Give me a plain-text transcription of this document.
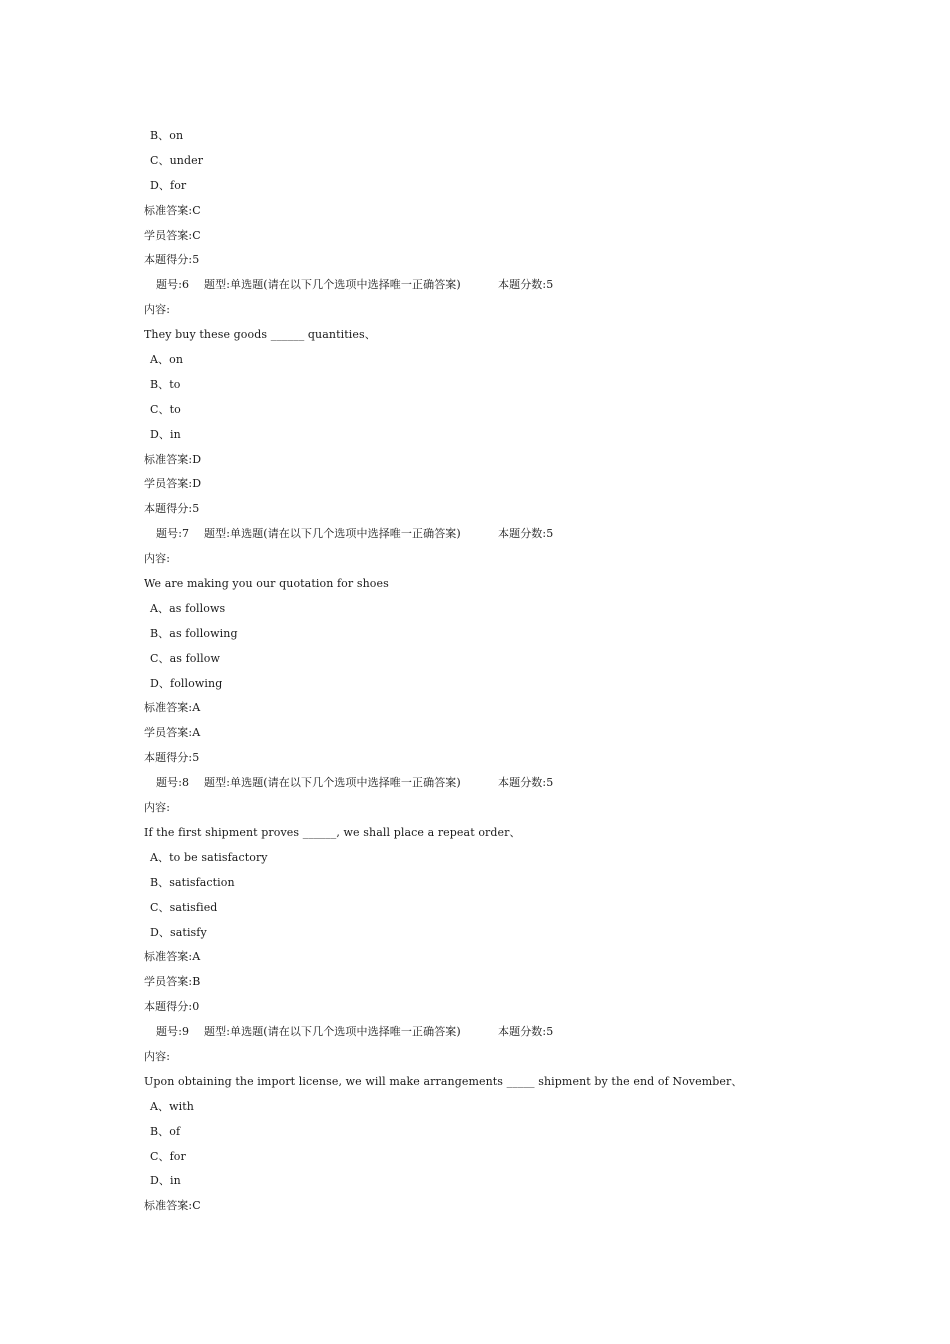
B、on
C、under
D、for
标准答案:C
学员答案:C
本题得分:5
题号:6 题型:单选题(请在以下几个选项中选择唯一正确答案)	本题分数:5
内容:
They buy these goods ______ quantities、
A、on
B、to
C、to
D、in
标准答案:D
学员答案:D
本题得分:5
题号:7 题型:单选题(请在以下几个选项中选择唯一正确答案)	本题分数:5
内容:
We are making you our quotation for shoes
A、as follows
B、as following
C、as follow
D、following
标准答案:A
学员答案:A
本题得分:5
题号:8 题型:单选题(请在以下几个选项中选择唯一正确答案)	本题分数:5
内容:
If the first shipment proves ______, we shall place a repeat order、
A、to be satisfactory
B、satisfaction
C、satisfied
D、satisfy
标准答案:A
学员答案:B
本题得分:0
题号:9 题型:单选题(请在以下几个选项中选择唯一正确答案)	本题分数:5
内容:
Upon obtaining the import license, we will make arrangements _____ shipment by the end of November、
A、with
B、of
C、for
D、in
标准答案:C
